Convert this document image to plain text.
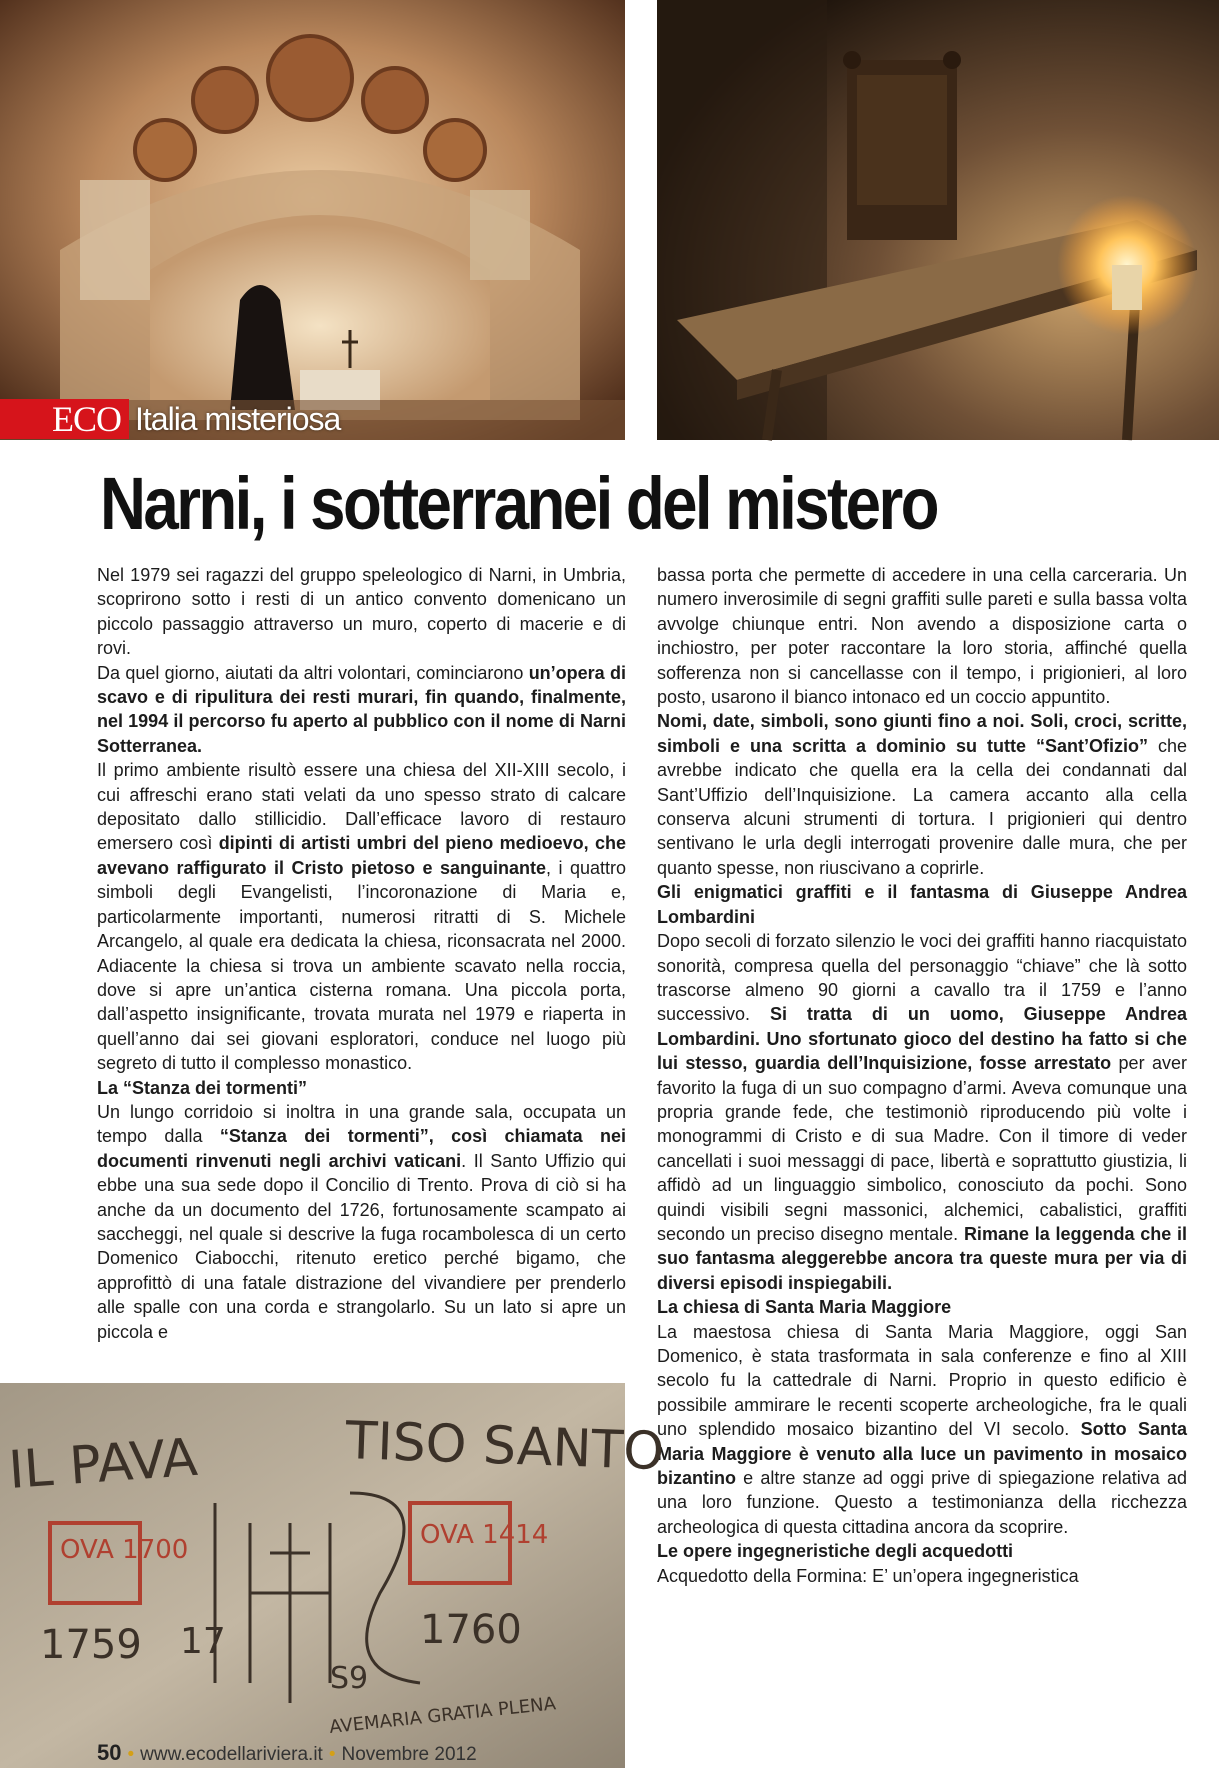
ECO Italia misteriosa
Narni, i sotterranei del mistero

Nel 1979 sei ragazzi del gruppo speleologico di Narni, in Umbria, scoprirono sotto i resti di un antico convento domenicano un piccolo passaggio attraverso un muro, coperto di macerie e di rovi.

Da quel giorno, aiutati da altri volontari, cominciarono un’opera di scavo e di ripulitura dei resti murari, fin quando, finalmente, nel 1994 il percorso fu aperto al pubblico con il nome di Narni Sotterranea.

Il primo ambiente risultò essere una chiesa del XII-XIII secolo, i cui affreschi erano stati velati da uno spesso strato di calcare depositato dallo stillicidio. Dall’efficace lavoro di restauro emersero così dipinti di artisti umbri del pieno medioevo, che avevano raffigurato il Cristo pietoso e sanguinante, i quattro simboli degli Evangelisti, l’incoronazione di Maria e, particolarmente importanti, numerosi ritratti di S. Michele Arcangelo, al quale era dedicata la chiesa, riconsacrata nel 2000. Adiacente la chiesa si trova un ambiente scavato nella roccia, dove si apre un’antica cisterna romana. Una piccola porta, dall’aspetto insignificante, trovata murata nel 1979 e riaperta in quell’anno dai sei giovani esploratori, conduce nel luogo più segreto di tutto il complesso monastico.

La “Stanza dei tormenti”

Un lungo corridoio si inoltra in una grande sala, occupata un tempo dalla “Stanza dei tormenti”, così chiamata nei documenti rinvenuti negli archivi vaticani. Il Santo Uffizio qui ebbe una sua sede dopo il Concilio di Trento. Prova di ciò si ha anche da un documento del 1726, fortunosamente scampato ai saccheggi, nel quale si descrive la fuga rocambolesca di un certo Domenico Ciabocchi, ritenuto eretico perché bigamo, che approfittò di una fatale distrazione del vivandiere per prenderlo alle spalle con una corda e strangolarlo. Su un lato si apre un piccola e

bassa porta che permette di accedere in una cella carceraria. Un numero inverosimile di segni graffiti sulle pareti e sulla bassa volta avvolge chiunque entri. Non avendo a disposizione carta o inchiostro, per poter raccontare la loro storia, affinché quella sofferenza non si cancellasse con il tempo, i prigionieri, al loro posto, usarono il bianco intonaco ed un coccio appuntito.

Nomi, date, simboli, sono giunti fino a noi. Soli, croci, scritte, simboli e una scritta a dominio su tutte “Sant’Ofizio” che avrebbe indicato che quella era la cella dei condannati dal Sant’Uffizio dell’Inquisizione. La camera accanto alla cella conserva alcuni strumenti di tortura. I prigionieri qui dentro sentivano le urla degli interrogati provenire dalle mura, che per quanto spesse, non riuscivano a coprirle.

Gli enigmatici graffiti e il fantasma di Giuseppe Andrea Lombardini

Dopo secoli di forzato silenzio le voci dei graffiti hanno riacquistato sonorità, compresa quella del personaggio “chiave” che là sotto trascorse almeno 90 giorni a cavallo tra il 1759 e l’anno successivo. Si tratta di un uomo, Giuseppe Andrea Lombardini. Uno sfortunato gioco del destino ha fatto si che lui stesso, guardia dell’Inquisizione, fosse arrestato per aver favorito la fuga di un suo compagno d’armi. Aveva comunque una propria grande fede, che testimoniò riproducendo più volte i monogrammi di Cristo e di sua Madre. Con il timore di veder cancellati i suoi messaggi di pace, libertà e soprattutto giustizia, li affidò ad un linguaggio simbolico, conosciuto da pochi. Sono quindi visibili segni massonici, alchemici, cabalistici, graffiti secondo un preciso disegno mentale. Rimane la leggenda che il suo fantasma aleggerebbe ancora tra queste mura per via di diversi episodi inspiegabili.

La chiesa di Santa Maria Maggiore

La maestosa chiesa di Santa Maria Maggiore, oggi San Domenico, è stata trasformata in sala conferenze e fino al XIII secolo fu la cattedrale di Narni. Proprio in questo edificio è possibile ammirare le recenti scoperte archeologiche, fra le quali uno splendido mosaico bizantino del VI secolo. Sotto Santa Maria Maggiore è venuto alla luce un pavimento in mosaico bizantino e altre stanze ad oggi prive di spiegazione relativa ad una loro funzione. Questo a testimonianza della ricchezza archeologica di questa cittadina ancora da scoprire.

Le opere ingegneristiche degli acquedotti

Acquedotto della Formina: E’ un’opera ingegneristica

IL PAVA	TISO SANTO
OVA 1700	OVA 1414
1759 17	1760
S9
AVEMARIA GRATIA PLENA
50 • www.ecodellariviera.it • Novembre 2012
